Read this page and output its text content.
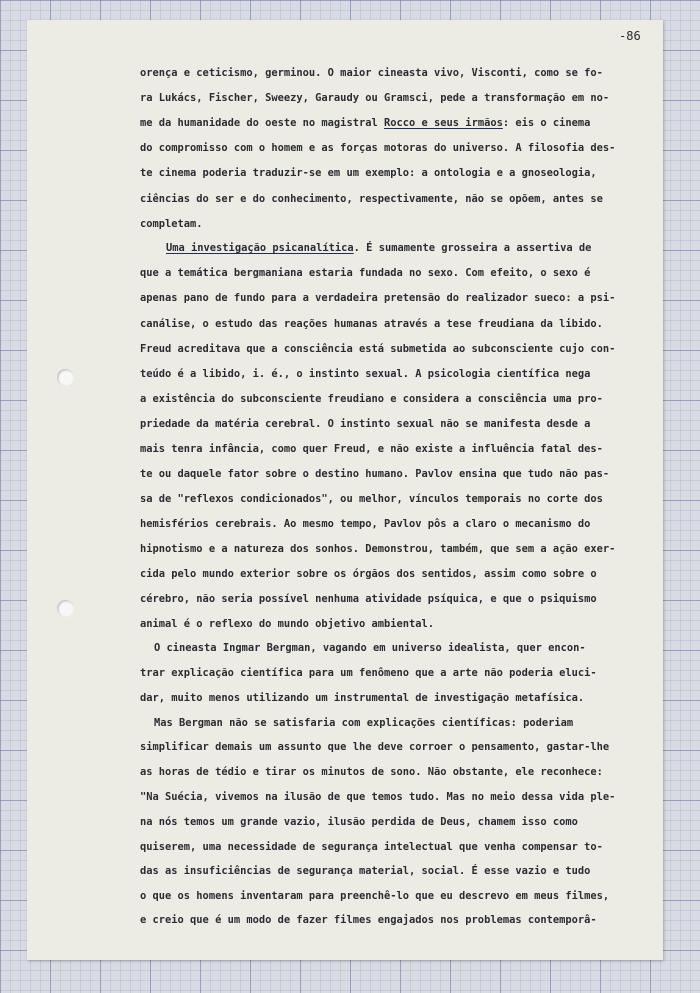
-86
orença e ceticismo, germinou. O maior cineasta vivo, Visconti, como se fo-
ra Lukács, Fischer, Sweezy, Garaudy ou Gramsci, pede a transformação em no-
me da humanidade do oeste no magistral Rocco e seus irmãos: eis o cinema
do compromisso com o homem e as forças motoras do universo. A filosofia des-
te cinema poderia traduzir-se em um exemplo: a ontologia e a gnoseologia,
ciências do ser e do conhecimento, respectivamente, não se opõem, antes se
completam.
Uma investigação psicanalítica. É sumamente grosseira a assertiva de
que a temática bergmaniana estaria fundada no sexo. Com efeito, o sexo é
apenas pano de fundo para a verdadeira pretensão do realizador sueco: a psi-
canálise, o estudo das reações humanas através a tese freudiana da libido.
Freud acreditava que a consciência está submetida ao subconsciente cujo con-
teúdo é a libido, i. é., o instinto sexual. A psicologia científica nega
a existência do subconsciente freudiano e considera a consciência uma pro-
priedade da matéria cerebral. O instinto sexual não se manifesta desde a
mais tenra infância, como quer Freud, e não existe a influência fatal des-
te ou daquele fator sobre o destino humano. Pavlov ensina que tudo não pas-
sa de "reflexos condicionados", ou melhor, vínculos temporais no corte dos
hemisférios cerebrais. Ao mesmo tempo, Pavlov pôs a claro o mecanismo do
hipnotismo e a natureza dos sonhos. Demonstrou, também, que sem a ação exer-
cida pelo mundo exterior sobre os órgãos dos sentidos, assim como sobre o
cérebro, não seria possível nenhuma atividade psíquica, e que o psiquismo
animal é o reflexo do mundo objetivo ambiental.
O cineasta Ingmar Bergman, vagando em universo idealista, quer encon-
trar explicação científica para um fenômeno que a arte não poderia eluci-
dar, muito menos utilizando um instrumental de investigação metafísica.
Mas Bergman não se satisfaria com explicações científicas: poderiam
simplificar demais um assunto que lhe deve corroer o pensamento, gastar-lhe
as horas de tédio e tirar os minutos de sono. Não obstante, ele reconhece:
"Na Suécia, vivemos na ilusão de que temos tudo. Mas no meio dessa vida ple-
na nós temos um grande vazio, ilusão perdida de Deus, chamem isso como
quiserem, uma necessidade de segurança intelectual que venha compensar to-
das as insuficiências de segurança material, social. É esse vazio e tudo
o que os homens inventaram para preenchê-lo que eu descrevo em meus filmes,
e creio que é um modo de fazer filmes engajados nos problemas contemporâ-
